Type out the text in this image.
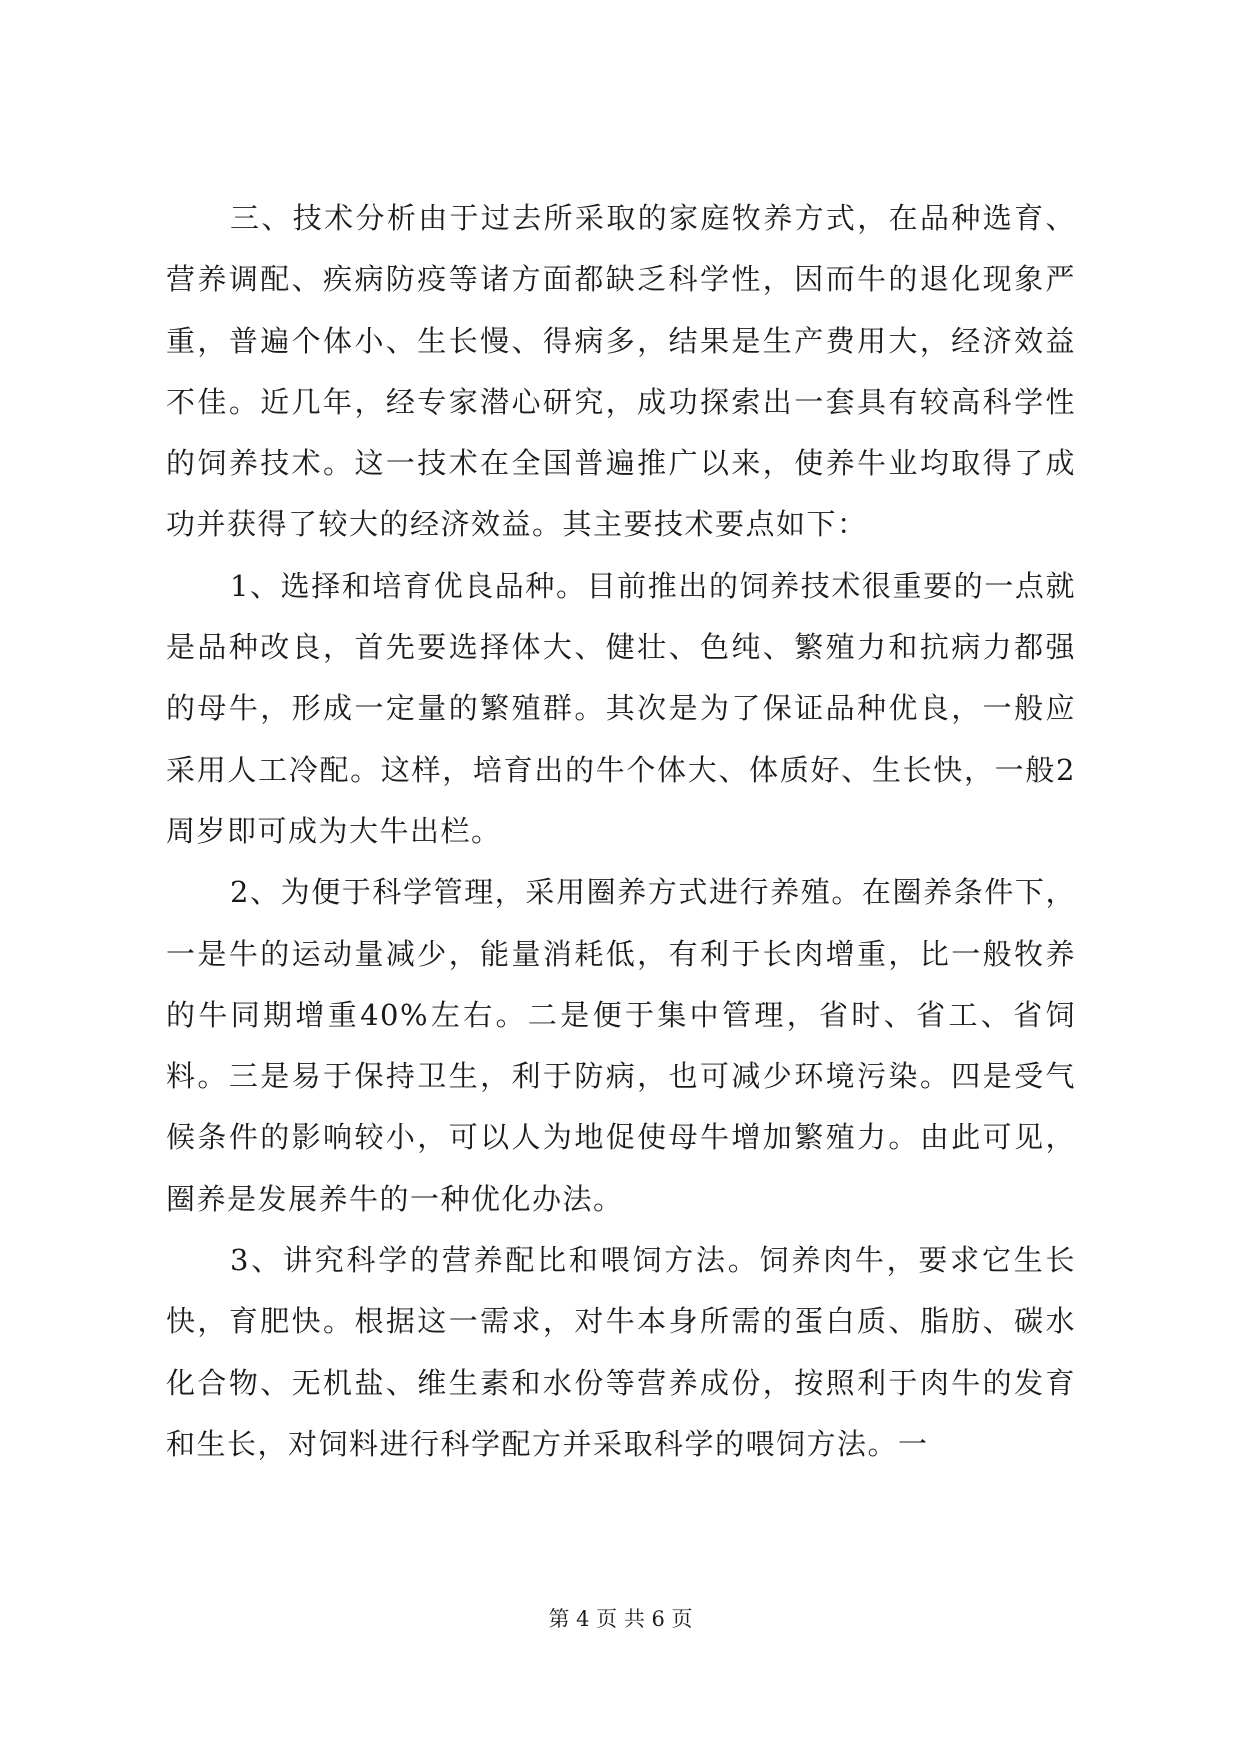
三、技术分析由于过去所采取的家庭牧养方式，在品种选育、营养调配、疾病防疫等诸方面都缺乏科学性，因而牛的退化现象严重，普遍个体小、生长慢、得病多，结果是生产费用大，经济效益不佳。近几年，经专家潜心研究，成功探索出一套具有较高科学性的饲养技术。这一技术在全国普遍推广以来，使养牛业均取得了成功并获得了较大的经济效益。其主要技术要点如下：

1、选择和培育优良品种。目前推出的饲养技术很重要的一点就是品种改良，首先要选择体大、健壮、色纯、繁殖力和抗病力都强的母牛，形成一定量的繁殖群。其次是为了保证品种优良，一般应采用人工冷配。这样，培育出的牛个体大、体质好、生长快，一般2周岁即可成为大牛出栏。

2、为便于科学管理，采用圈养方式进行养殖。在圈养条件下，一是牛的运动量减少，能量消耗低，有利于长肉增重，比一般牧养的牛同期增重40%左右。二是便于集中管理，省时、省工、省饲料。三是易于保持卫生，利于防病，也可减少环境污染。四是受气候条件的影响较小，可以人为地促使母牛增加繁殖力。由此可见，圈养是发展养牛的一种优化办法。

3、讲究科学的营养配比和喂饲方法。饲养肉牛，要求它生长快，育肥快。根据这一需求，对牛本身所需的蛋白质、脂肪、碳水化合物、无机盐、维生素和水份等营养成份，按照利于肉牛的发育和生长，对饲料进行科学配方并采取科学的喂饲方法。一

第 4 页 共 6 页
